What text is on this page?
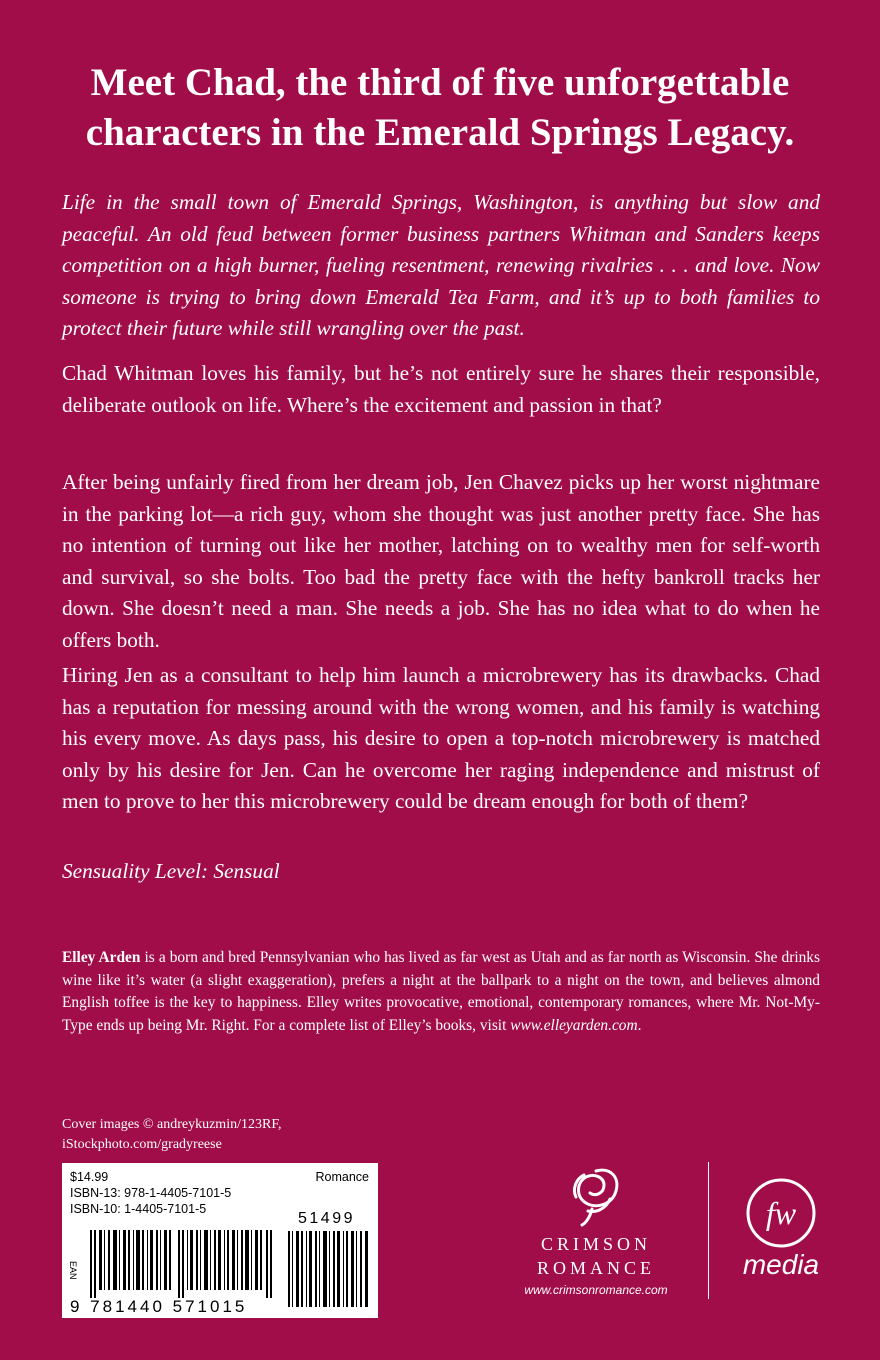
Meet Chad, the third of five unforgettable characters in the Emerald Springs Legacy.
Life in the small town of Emerald Springs, Washington, is anything but slow and peaceful. An old feud between former business partners Whitman and Sanders keeps competition on a high burner, fueling resentment, renewing rivalries . . . and love. Now someone is trying to bring down Emerald Tea Farm, and it’s up to both families to protect their future while still wrangling over the past.
Chad Whitman loves his family, but he’s not entirely sure he shares their responsible, deliberate outlook on life. Where’s the excitement and passion in that?
After being unfairly fired from her dream job, Jen Chavez picks up her worst nightmare in the parking lot—a rich guy, whom she thought was just another pretty face. She has no intention of turning out like her mother, latching on to wealthy men for self-worth and survival, so she bolts. Too bad the pretty face with the hefty bankroll tracks her down. She doesn’t need a man. She needs a job. She has no idea what to do when he offers both.
Hiring Jen as a consultant to help him launch a microbrewery has its drawbacks. Chad has a reputation for messing around with the wrong women, and his family is watching his every move. As days pass, his desire to open a top-notch microbrewery is matched only by his desire for Jen. Can he overcome her raging independence and mistrust of men to prove to her this microbrewery could be dream enough for both of them?
Sensuality Level: Sensual
Elley Arden is a born and bred Pennsylvanian who has lived as far west as Utah and as far north as Wisconsin. She drinks wine like it’s water (a slight exaggeration), prefers a night at the ballpark to a night on the town, and believes almond English toffee is the key to happiness. Elley writes provocative, emotional, contemporary romances, where Mr. Not-My-Type ends up being Mr. Right. For a complete list of Elley’s books, visit www.elleyarden.com.
Cover images © andreykuzmin/123RF,
iStockphoto.com/gradyreese
$14.99	Romance
ISBN-13: 978-1-4405-7101-5
ISBN-10: 1-4405-7101-5
EAN
9 781440 571015
51499
CRIMSON
ROMANCE
www.crimsonromance.com
fw
media
